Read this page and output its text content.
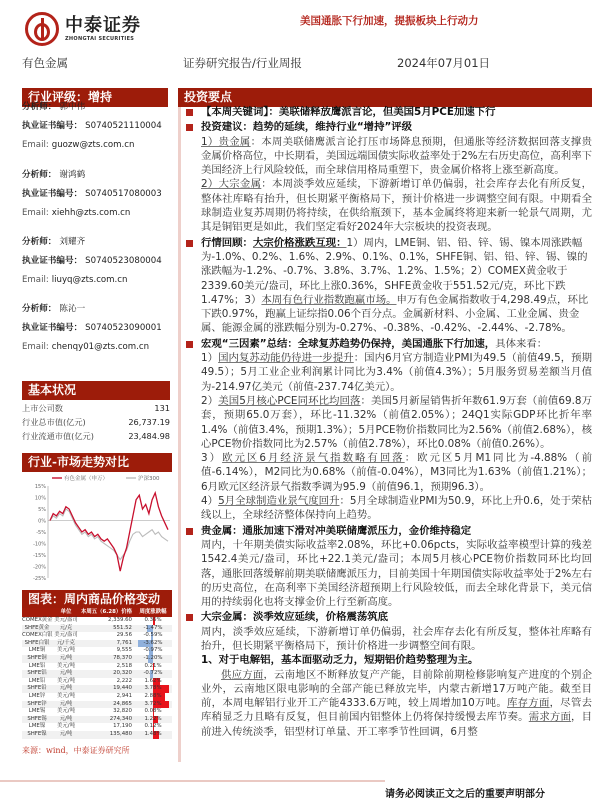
中泰证券
ZHONGTAI SECURITIES
美国通胀下行加速，提振板块上行动力
有色金属	证券研究报告/行业周报	2024年07月01日
行业评级：增持
分析师： 郭中伟
执业证书编号： S0740521110004
Email: guozw@zts.com.cn
分析师： 谢鸿鹤
执业证书编号： S0740517080003
Email: xiehh@zts.com.cn
分析师： 刘耀齐
执业证书编号： S0740523080004
Email: liuyq@zts.com.cn
分析师： 陈沁一
执业证书编号： S0740523090001
Email: chenqy01@zts.com.cn
基本状况
上市公司数	131
行业总市值(亿元)	26,737.19
行业流通市值(亿元)	23,484.98
行业-市场走势对比
15%
10%
5%
0%
-5%
-10%
-15%
-20%
-25%
有色金属（申万）	沪深300
图表：周内商品价格变动
单位	本周五（6.28）价格	周度涨跌幅
COMEX黄金 美元/盎司	2,339.60	0.36%
SHFE黄金	元/克	551.52	-1.47%
COMEX白银 美元/盎司	29.56	-0.59%
SHFE白银	元/千克	7,761	-3.62%
LME铜	美元/吨	9,555	-0.97%
SHFE铜	元/吨	78,370	-1.20%
LME铝	美元/吨	2,518	0.21%
SHFE铝	元/吨	20,320	-0.72%
LME铅	美元/吨	2,222	1.62%
SHFE铅	元/吨	19,440	3.78%
LME锌	美元/吨	2,941	2.88%
SHFE锌	元/吨	24,865	3.72%
LME锡	美元/吨	32,820	0.08%
SHFE锡	元/吨	274,340	1.22%
LME镍	美元/吨	17,190	0.12%
SHFE镍	元/吨	135,480	1.48%
来源：wind，中泰证券研究所
投资要点
【本周关键词】：美联储释放鹰派言论，但美国5月PCE加速下行
投资建议：趋势的延续，维持行业“增持”评级
1）贵金属：本周美联储鹰派言论打压市场降息预期，但通胀等经济数据回落支撑贵金属价格高位，中长期看，美国远端国债实际收益率处于2%左右历史高位，高利率下美国经济上行风险较低，而全球信用格局重塑下，贵金属价格将上涨至新高度。
2）大宗金属：本周淡季效应延续，下游新增订单仍偏弱，社会库存去化有所反复，整体社库略有抬升，但长期紧平衡格局下，预计价格进一步调整空间有限。中期看全球制造业复苏周期仍将持续，在供给瓶颈下，基本金属终将迎来新一轮景气周期，尤其是铜铝更是如此，我们坚定看好2024年大宗板块的投资表现。
行情回顾：大宗价格涨跌互现：1）周内，LME铜、铝、铅、锌、锡、镍本周涨跌幅为-1.0%、0.2%、1.6%、2.9%、0.1%、0.1%，SHFE铜、铝、铅、锌、锡、镍的涨跌幅为-1.2%、-0.7%、3.8%、3.7%、1.2%、1.5%；2）COMEX黄金收于2339.60美元/盎司，环比上涨0.36%，SHFE黄金收于551.52元/克，环比下跌1.47%；3）本周有色行业指数跑赢市场。申万有色金属指数收于4,298.49点，环比下跌0.97%，跑赢上证综指0.06个百分点。金属新材料、小金属、工业金属、贵金属、能源金属的涨跌幅分别为-0.27%、-0.38%、-0.42%、-2.44%、-2.78%。
宏观“三因素”总结：全球复苏趋势仍保持，美国通胀下行加速，具体来看：
1）国内复苏动能仍待进一步提升：国内6月官方制造业PMI为49.5（前值49.5，预期49.5）；5月工业企业利润累计同比为3.4%（前值4.3%）；5月服务贸易差额当月值为-214.97亿美元（前值-237.74亿美元）。
2）美国5月核心PCE同环比均回落：美国5月新屋销售折年数61.9万套（前值69.8万套，预期65.0万套），环比-11.32%（前值2.05%）；24Q1实际GDP环比折年率1.4%（前值3.4%，预期1.3%）；5月PCE物价指数同比为2.56%（前值2.68%），核心PCE物价指数同比为2.57%（前值2.78%），环比0.08%（前值0.26%）。
3）欧元区6月经济景气指数略有回落：欧元区5月M1同比为-4.88%（前值-6.14%），M2同比为0.68%（前值-0.04%），M3同比为1.63%（前值1.21%）；6月欧元区经济景气指数季调为95.9（前值96.1，预期96.3）。
4）5月全球制造业景气度回升：5月全球制造业PMI为50.9，环比上升0.6，处于荣枯线以上，全球经济整体保持向上趋势。
贵金属：通胀加速下滑对冲美联储鹰派压力，金价维持稳定
周内，十年期美债实际收益率2.08%，环比+0.06pcts，实际收益率模型计算的残差1542.4美元/盎司，环比+22.1美元/盎司；本周5月核心PCE物价指数同环比均回落，通胀回落缓解前期美联储鹰派压力，目前美国十年期国债实际收益率处于2%左右的历史高位，在高利率下美国经济超预期上行风险较低，而去全球化背景下，美元信用的持续弱化也将支撑金价上行至新高度。
大宗金属：淡季效应延续，价格震荡筑底
周内，淡季效应延续，下游新增订单仍偏弱，社会库存去化有所反复，整体社库略有抬升，但长期紧平衡格局下，预计价格进一步调整空间有限。
1、对于电解铝，基本面驱动乏力，短期铝价趋势整理为主。
供应方面，云南地区不断释放复产产能，目前除前期检修影响复产进度的个别企业外，云南地区限电影响的全部产能已释放完毕，内蒙古新增17万吨产能。截至目前，本周电解铝行业开工产能4333.6万吨，较上周增加10万吨。库存方面，尽管去库稍显乏力且略有反复，但目前国内铝整体上仍将保持缓慢去库节奏。需求方面，目前进入传统淡季，铝型材订单量、开工率季节性回调，6月整
请务必阅读正文之后的重要声明部分
